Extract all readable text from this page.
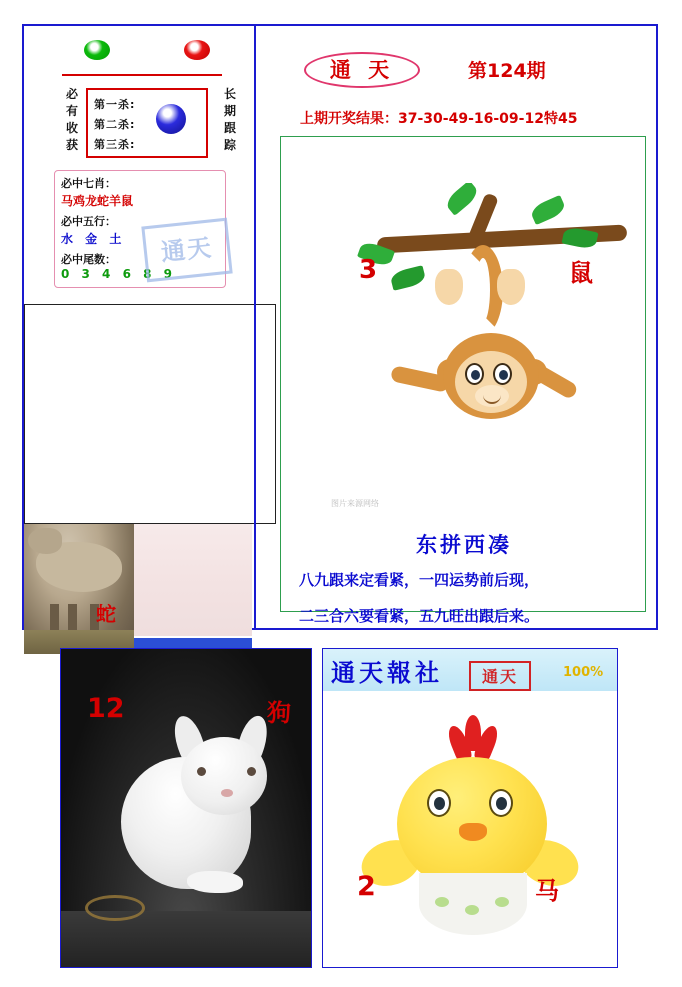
必有收获
长期跟踪
第一杀:
第二杀:
第三杀:
必中七肖：
马鸡龙蛇羊鼠
必中五行：
水 金 土
必中尾数：
0 3 4 6 8 9
通天
蛇
通 天	第124期
上期开奖结果：37-30-49-16-09-12特45
图片来源网络
3	鼠
东拼西凑
八九跟来定看紧，一四运势前后现，
二三合六要看紧，五九旺出跟后来。
12	狗
通天報社	通天	100%
2	马
